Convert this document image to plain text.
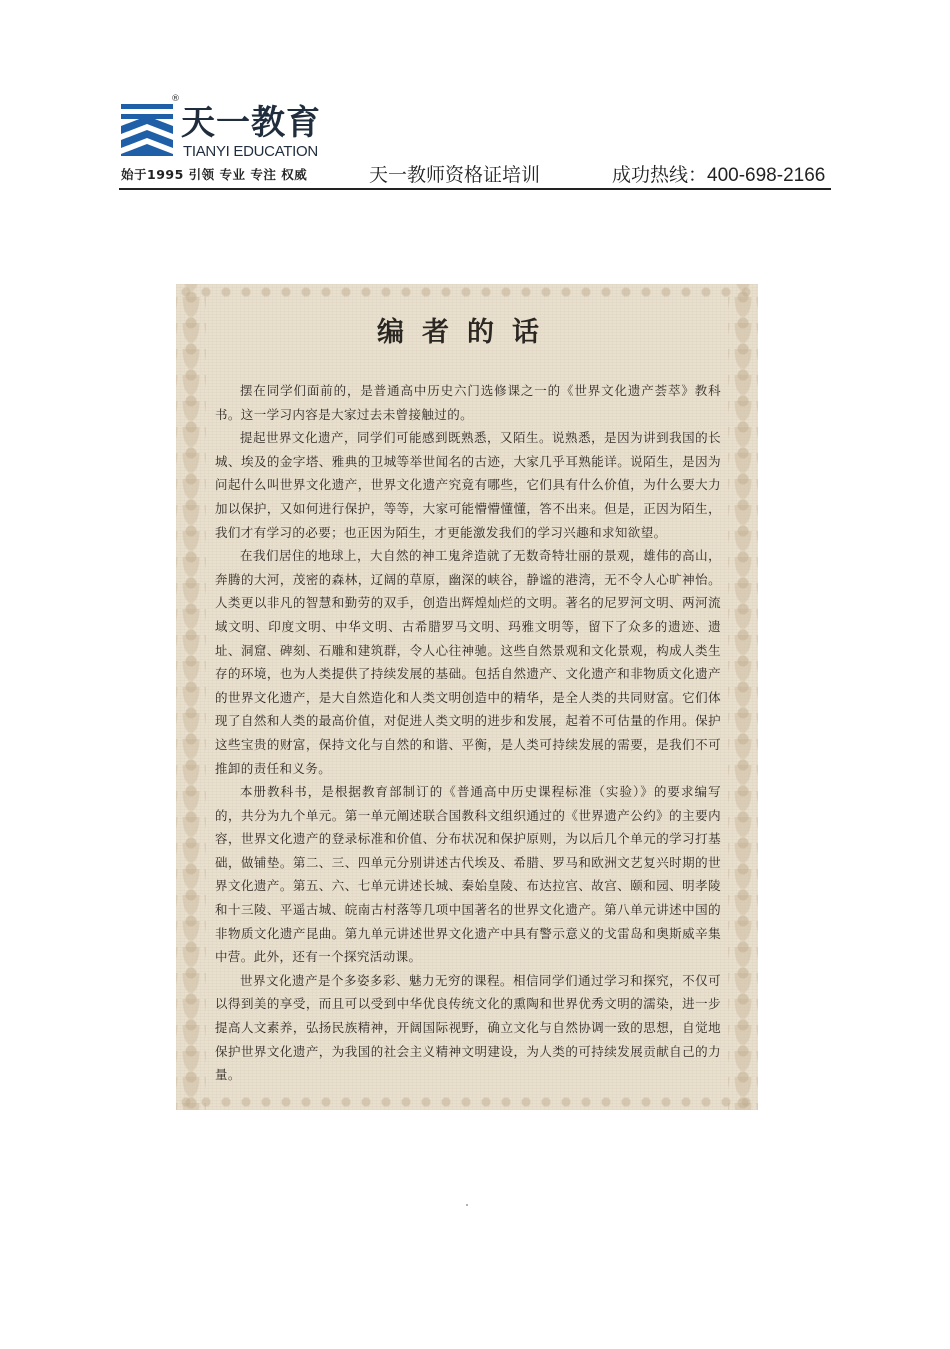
®
天一教育
TIANYI EDUCATION
始于1995 引领 专业 专注 权威	天一教师资格证培训	成功热线：400-698-2166
编者的话

摆在同学们面前的，是普通高中历史六门选修课之一的《世界文化遗产荟萃》教科书。这一学习内容是大家过去未曾接触过的。

提起世界文化遗产，同学们可能感到既熟悉，又陌生。说熟悉，是因为讲到我国的长城、埃及的金字塔、雅典的卫城等举世闻名的古迹，大家几乎耳熟能详。说陌生，是因为问起什么叫世界文化遗产，世界文化遗产究竟有哪些，它们具有什么价值，为什么要大力加以保护，又如何进行保护，等等，大家可能懵懵懂懂，答不出来。但是，正因为陌生，我们才有学习的必要；也正因为陌生，才更能激发我们的学习兴趣和求知欲望。

在我们居住的地球上，大自然的神工鬼斧造就了无数奇特壮丽的景观，雄伟的高山，奔腾的大河，茂密的森林，辽阔的草原，幽深的峡谷，静谧的港湾，无不令人心旷神怡。人类更以非凡的智慧和勤劳的双手，创造出辉煌灿烂的文明。著名的尼罗河文明、两河流域文明、印度文明、中华文明、古希腊罗马文明、玛雅文明等，留下了众多的遗迹、遗址、洞窟、碑刻、石雕和建筑群，令人心往神驰。这些自然景观和文化景观，构成人类生存的环境，也为人类提供了持续发展的基础。包括自然遗产、文化遗产和非物质文化遗产的世界文化遗产，是大自然造化和人类文明创造中的精华，是全人类的共同财富。它们体现了自然和人类的最高价值，对促进人类文明的进步和发展，起着不可估量的作用。保护这些宝贵的财富，保持文化与自然的和谐、平衡，是人类可持续发展的需要，是我们不可推卸的责任和义务。

本册教科书，是根据教育部制订的《普通高中历史课程标准（实验）》的要求编写的，共分为九个单元。第一单元阐述联合国教科文组织通过的《世界遗产公约》的主要内容，世界文化遗产的登录标准和价值、分布状况和保护原则，为以后几个单元的学习打基础，做铺垫。第二、三、四单元分别讲述古代埃及、希腊、罗马和欧洲文艺复兴时期的世界文化遗产。第五、六、七单元讲述长城、秦始皇陵、布达拉宫、故宫、颐和园、明孝陵和十三陵、平遥古城、皖南古村落等几项中国著名的世界文化遗产。第八单元讲述中国的非物质文化遗产昆曲。第九单元讲述世界文化遗产中具有警示意义的戈雷岛和奥斯威辛集中营。此外，还有一个探究活动课。

世界文化遗产是个多姿多彩、魅力无穷的课程。相信同学们通过学习和探究，不仅可以得到美的享受，而且可以受到中华优良传统文化的熏陶和世界优秀文明的濡染，进一步提高人文素养，弘扬民族精神，开阔国际视野，确立文化与自然协调一致的思想，自觉地保护世界文化遗产，为我国的社会主义精神文明建设，为人类的可持续发展贡献自己的力量。
